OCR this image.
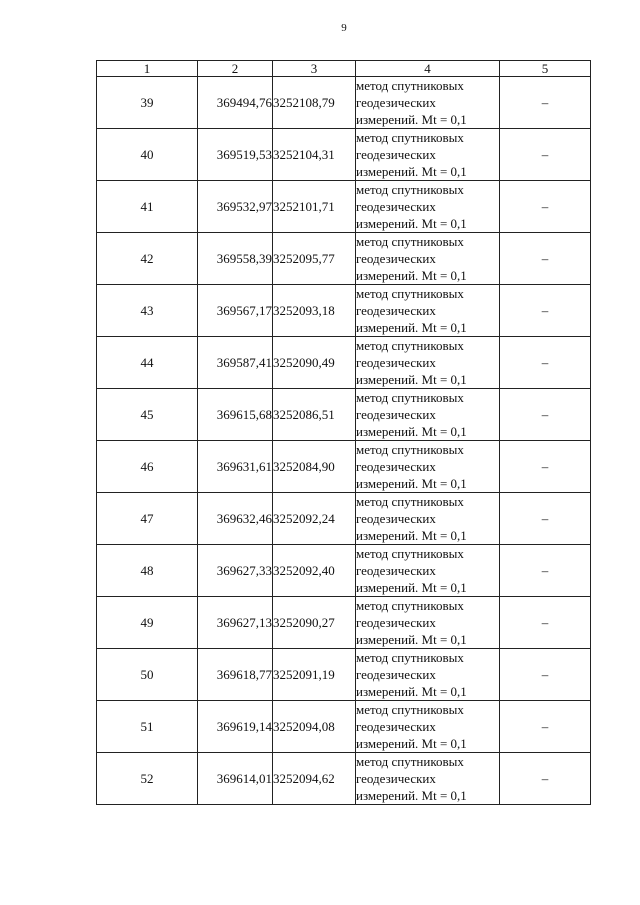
9
1	2	3	4	5
39	369494,76	3252108,79	метод спутниковых
геодезических
измерений. Mt = 0,1	–
40	369519,53	3252104,31	метод спутниковых
геодезических
измерений. Mt = 0,1	–
41	369532,97	3252101,71	метод спутниковых
геодезических
измерений. Mt = 0,1	–
42	369558,39	3252095,77	метод спутниковых
геодезических
измерений. Mt = 0,1	–
43	369567,17	3252093,18	метод спутниковых
геодезических
измерений. Mt = 0,1	–
44	369587,41	3252090,49	метод спутниковых
геодезических
измерений. Mt = 0,1	–
45	369615,68	3252086,51	метод спутниковых
геодезических
измерений. Mt = 0,1	–
46	369631,61	3252084,90	метод спутниковых
геодезических
измерений. Mt = 0,1	–
47	369632,46	3252092,24	метод спутниковых
геодезических
измерений. Mt = 0,1	–
48	369627,33	3252092,40	метод спутниковых
геодезических
измерений. Mt = 0,1	–
49	369627,13	3252090,27	метод спутниковых
геодезических
измерений. Mt = 0,1	–
50	369618,77	3252091,19	метод спутниковых
геодезических
измерений. Mt = 0,1	–
51	369619,14	3252094,08	метод спутниковых
геодезических
измерений. Mt = 0,1	–
52	369614,01	3252094,62	метод спутниковых
геодезических
измерений. Mt = 0,1	–
